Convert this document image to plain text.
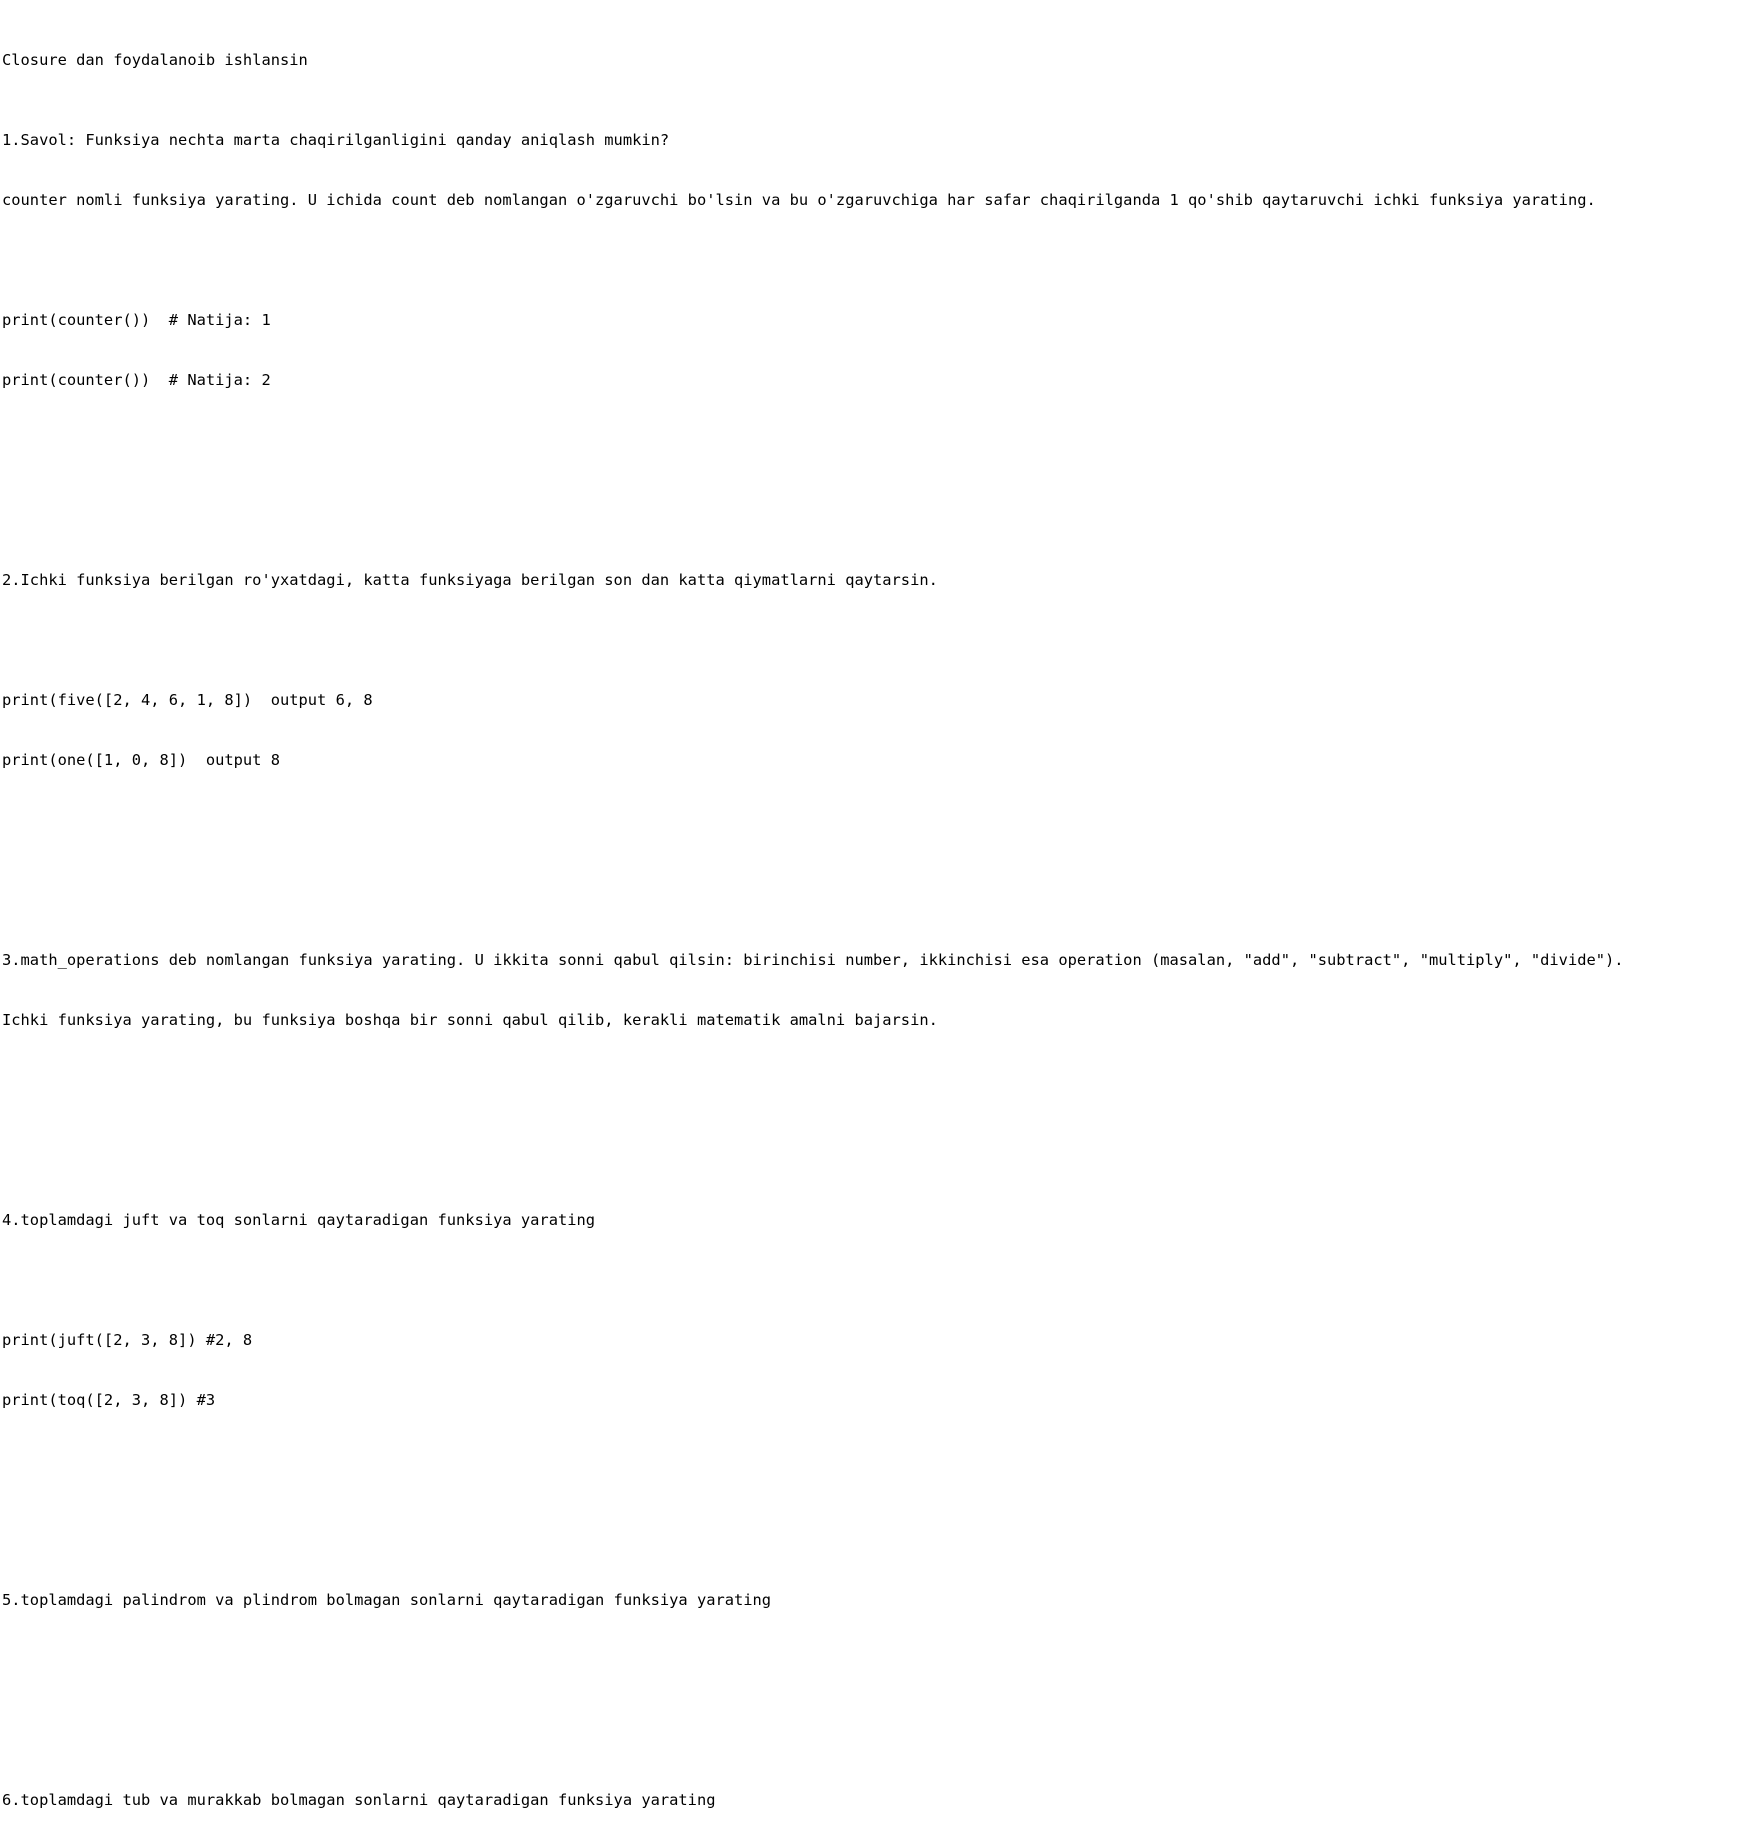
Closure dan foydalanoib ishlansin

1.Savol: Funksiya nechta marta chaqirilganligini qanday aniqlash mumkin?

counter nomli funksiya yarating. U ichida count deb nomlangan o'zgaruvchi bo'lsin va bu o'zgaruvchiga har safar chaqirilganda 1 qo'shib qaytaruvchi ichki funksiya yarating.

print(counter())  # Natija: 1

print(counter())  # Natija: 2

2.Ichki funksiya berilgan ro'yxatdagi, katta funksiyaga berilgan son dan katta qiymatlarni qaytarsin.

print(five([2, 4, 6, 1, 8])  output 6, 8

print(one([1, 0, 8])  output 8

3.math_operations deb nomlangan funksiya yarating. U ikkita sonni qabul qilsin: birinchisi number, ikkinchisi esa operation (masalan, "add", "subtract", "multiply", "divide").

Ichki funksiya yarating, bu funksiya boshqa bir sonni qabul qilib, kerakli matematik amalni bajarsin.

4.toplamdagi juft va toq sonlarni qaytaradigan funksiya yarating

print(juft([2, 3, 8]) #2, 8

print(toq([2, 3, 8]) #3

5.toplamdagi palindrom va plindrom bolmagan sonlarni qaytaradigan funksiya yarating

6.toplamdagi tub va murakkab bolmagan sonlarni qaytaradigan funksiya yarating
